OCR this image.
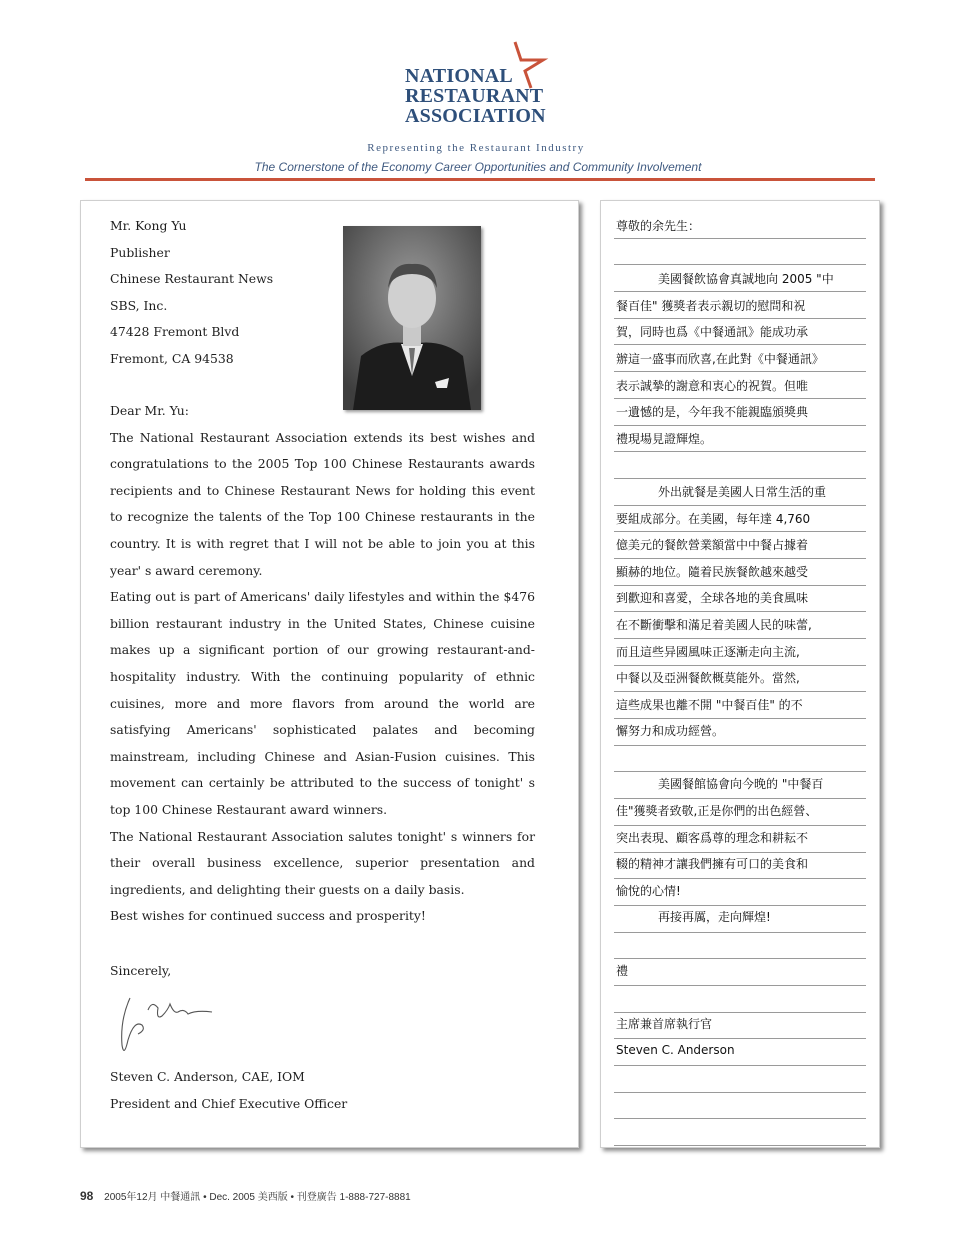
NATIONAL
RESTAURANT
ASSOCIATION
Representing the Restaurant Industry
The Cornerstone of the Economy Career Opportunities and Community Involvement
Mr. Kong Yu
Publisher
Chinese Restaurant News
SBS, Inc.
47428 Fremont Blvd
Fremont, CA 94538

Dear Mr. Yu:

The National Restaurant Association extends its best wishes and congratulations to the 2005 Top 100 Chinese Restaurants awards recipients and to Chinese Restaurant News for holding this event to recognize the talents of the Top 100 Chinese restaurants in the country. It is with regret that I will not be able to join you at this year' s award ceremony.

Eating out is part of Americans' daily lifestyles and within the $476 billion restaurant industry in the United States, Chinese cuisine makes up a significant portion of our growing restaurant-and-hospitality industry. With the continuing popularity of ethnic cuisines, more and more flavors from around the world are satisfying Americans' sophisticated palates and becoming mainstream, including Chinese and Asian-Fusion cuisines. This movement can certainly be attributed to the success of tonight' s top 100 Chinese Restaurant award winners.

The National Restaurant Association salutes tonight' s winners for their overall business excellence, superior presentation and ingredients, and delighting their guests on a daily basis.

Best wishes for continued success and prosperity!

Sincerely,
Steven C. Anderson, CAE, IOM
President and Chief Executive Officer
尊敬的余先生：

美國餐飲協會真誠地向 2005 "中
餐百佳" 獲獎者表示親切的慰問和祝
賀，同時也爲《中餐通訊》能成功承
辦這一盛事而欣喜,在此對《中餐通訊》
表示誠摯的謝意和衷心的祝賀。但唯
一遺憾的是，今年我不能親臨頒獎典
禮現場見證輝煌。

外出就餐是美國人日常生活的重
要組成部分。在美國，每年達 4,760
億美元的餐飲營業額當中中餐占據着
顯赫的地位。隨着民族餐飲越來越受
到歡迎和喜愛，全球各地的美食風味
在不斷衝擊和滿足着美國人民的味蕾,
而且這些异國風味正逐漸走向主流,
中餐以及亞洲餐飲概莫能外。當然,
這些成果也離不開 "中餐百佳" 的不
懈努力和成功經營。

美國餐館協會向今晚的 "中餐百
佳"獲獎者致敬,正是你們的出色經營、
突出表現、顧客爲尊的理念和耕耘不
輟的精神才讓我們擁有可口的美食和
愉悅的心情!
再接再厲，走向輝煌!

禮

主席兼首席執行官
Steven C. Anderson
98 2005年12月 中餐通訊 • Dec. 2005 美西版 • 刊登廣告 1-888-727-8881
